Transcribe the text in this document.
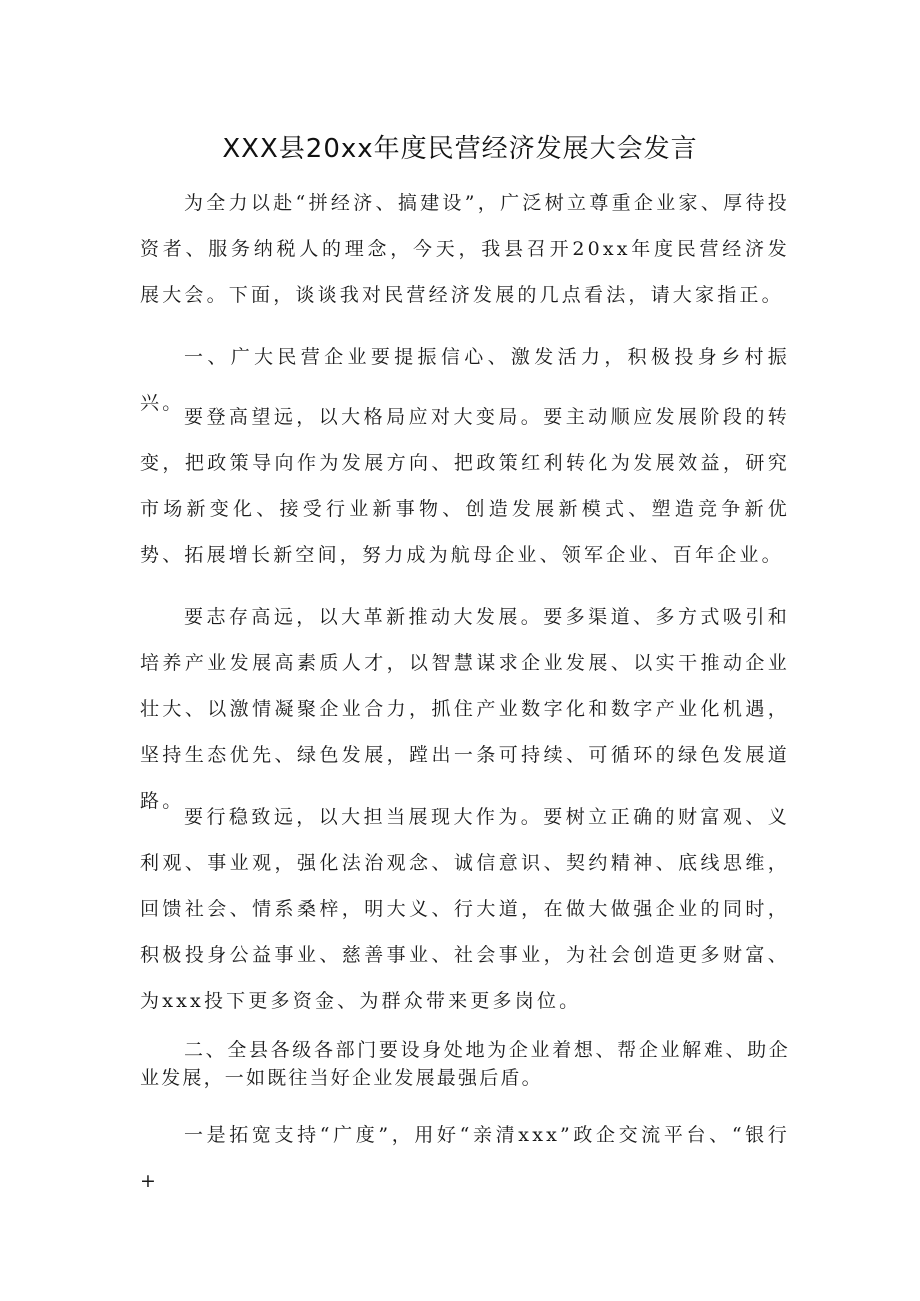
XXX县20xx年度民营经济发展大会发言

为全力以赴“拼经济、搞建设”，广泛树立尊重企业家、厚待投资者、服务纳税人的理念，今天，我县召开20xx年度民营经济发展大会。下面，谈谈我对民营经济发展的几点看法，请大家指正。

一、广大民营企业要提振信心、激发活力，积极投身乡村振兴。

要登高望远，以大格局应对大变局。要主动顺应发展阶段的转变，把政策导向作为发展方向、把政策红利转化为发展效益，研究市场新变化、接受行业新事物、创造发展新模式、塑造竞争新优势、拓展增长新空间，努力成为航母企业、领军企业、百年企业。

要志存高远，以大革新推动大发展。要多渠道、多方式吸引和培养产业发展高素质人才，以智慧谋求企业发展、以实干推动企业壮大、以激情凝聚企业合力，抓住产业数字化和数字产业化机遇，坚持生态优先、绿色发展，蹚出一条可持续、可循环的绿色发展道路。

要行稳致远，以大担当展现大作为。要树立正确的财富观、义利观、事业观，强化法治观念、诚信意识、契约精神、底线思维，回馈社会、情系桑梓，明大义、行大道，在做大做强企业的同时，积极投身公益事业、慈善事业、社会事业，为社会创造更多财富、为xxx投下更多资金、为群众带来更多岗位。

二、全县各级各部门要设身处地为企业着想、帮企业解难、助企业发展，一如既往当好企业发展最强后盾。

一是拓宽支持“广度”，用好“亲清xxx”政企交流平台、“银行+
